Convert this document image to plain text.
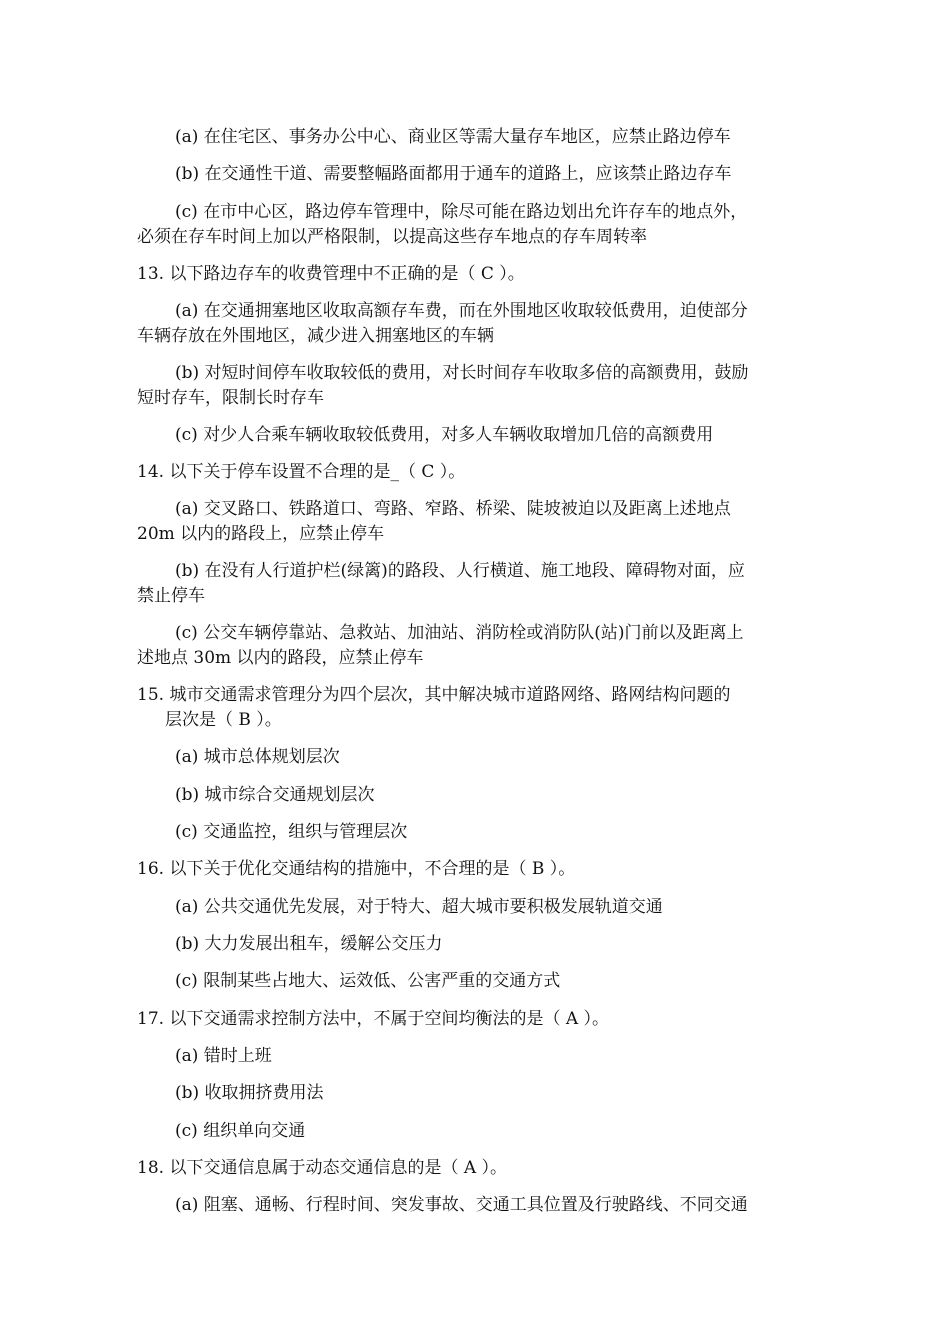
(a) 在住宅区、事务办公中心、商业区等需大量存车地区，应禁止路边停车
(b) 在交通性干道、需要整幅路面都用于通车的道路上，应该禁止路边存车
(c) 在市中心区，路边停车管理中，除尽可能在路边划出允许存车的地点外，
必须在存车时间上加以严格限制，以提高这些存车地点的存车周转率
13. 以下路边存车的收费管理中不正确的是（ C ）。
(a) 在交通拥塞地区收取高额存车费，而在外围地区收取较低费用，迫使部分
车辆存放在外围地区，减少进入拥塞地区的车辆
(b) 对短时间停车收取较低的费用，对长时间存车收取多倍的高额费用，鼓励
短时存车，限制长时存车
(c) 对少人合乘车辆收取较低费用，对多人车辆收取增加几倍的高额费用
14. 以下关于停车设置不合理的是_（ C ）。
(a) 交叉路口、铁路道口、弯路、窄路、桥梁、陡坡被迫以及距离上述地点
20m 以内的路段上，应禁止停车
(b) 在没有人行道护栏(绿篱)的路段、人行横道、施工地段、障碍物对面，应
禁止停车
(c) 公交车辆停靠站、急救站、加油站、消防栓或消防队(站)门前以及距离上
述地点 30m 以内的路段，应禁止停车
15. 城市交通需求管理分为四个层次，其中解决城市道路网络、路网结构问题的
层次是（ B ）。
(a) 城市总体规划层次
(b) 城市综合交通规划层次
(c) 交通监控，组织与管理层次
16. 以下关于优化交通结构的措施中，不合理的是（ B ）。
(a) 公共交通优先发展，对于特大、超大城市要积极发展轨道交通
(b) 大力发展出租车，缓解公交压力
(c) 限制某些占地大、运效低、公害严重的交通方式
17. 以下交通需求控制方法中，不属于空间均衡法的是（ A ）。
(a) 错时上班
(b) 收取拥挤费用法
(c) 组织单向交通
18. 以下交通信息属于动态交通信息的是（ A ）。
(a) 阻塞、通畅、行程时间、突发事故、交通工具位置及行驶路线、不同交通
